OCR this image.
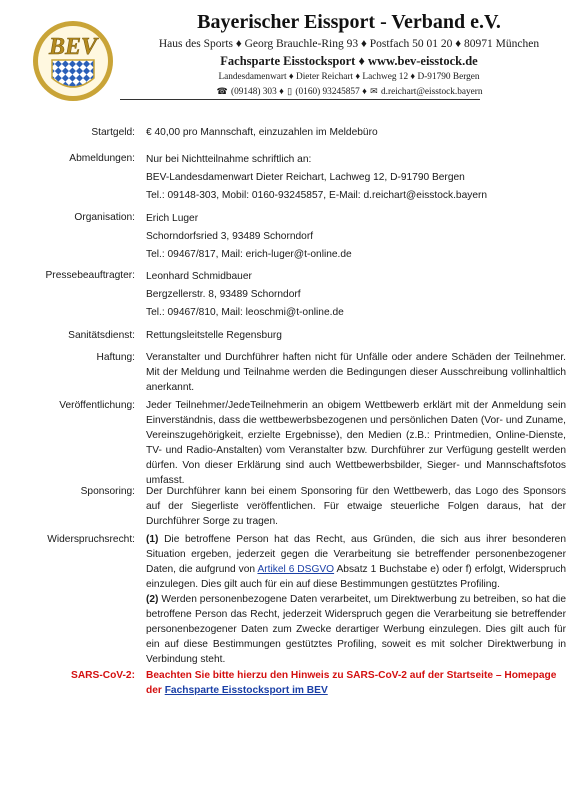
BEV
Bayerischer Eissport - Verband e.V.
Haus des Sports ♦ Georg Brauchle-Ring 93 ♦ Postfach 50 01 20 ♦ 80971 München
Fachsparte Eisstocksport ♦ www.bev-eisstock.de
Landesdamenwart ♦ Dieter Reichart ♦ Lachweg 12 ♦ D-91790 Bergen
☎ (09148) 303 ♦ ▯ (0160) 93245857 ♦ ✉ d.reichart@eisstock.bayern
Startgeld: € 40,00 pro Mannschaft, einzuzahlen im Meldebüro
Abmeldungen: Nur bei Nichtteilnahme schriftlich an:
BEV-Landesdamenwart Dieter Reichart, Lachweg 12, D-91790 Bergen
Tel.: 09148-303, Mobil: 0160-93245857, E-Mail: d.reichart@eisstock.bayern
Organisation: Erich Luger
Schorndorfsried 3, 93489 Schorndorf
Tel.: 09467/817, Mail: erich-luger@t-online.de
Pressebeauftragter: Leonhard Schmidbauer
Bergzellerstr. 8, 93489 Schorndorf
Tel.: 09467/810, Mail: leoschmi@t-online.de
Sanitätsdienst: Rettungsleitstelle Regensburg
Haftung: Veranstalter und Durchführer haften nicht für Unfälle oder andere Schäden der Teilnehmer. Mit der Meldung und Teilnahme werden die Bedingungen dieser Ausschreibung vollinhaltlich anerkannt.
Veröffentlichung: Jeder Teilnehmer/JedeTeilnehmerin an obigem Wettbewerb erklärt mit der Anmeldung sein Einverständnis, dass die wettbewerbsbezogenen und persönlichen Daten (Vor- und Zuname, Vereinszugehörigkeit, erzielte Ergebnisse), den Medien (z.B.: Printmedien, Online-Dienste, TV- und Radio-Anstalten) vom Veranstalter bzw. Durchführer zur Verfügung gestellt werden dürfen. Von dieser Erklärung sind auch Wettbewerbsbilder, Sieger- und Mannschaftsfotos umfasst.
Sponsoring: Der Durchführer kann bei einem Sponsoring für den Wettbewerb, das Logo des Sponsors auf der Siegerliste veröffentlichen. Für etwaige steuerliche Folgen daraus, hat der Durchführer Sorge zu tragen.
Widerspruchsrecht: (1) Die betroffene Person hat das Recht, aus Gründen, die sich aus ihrer besonderen Situation ergeben, jederzeit gegen die Verarbeitung sie betreffender personenbezogener Daten, die aufgrund von Artikel 6 DSGVO Absatz 1 Buchstabe e) oder f) erfolgt, Widerspruch einzulegen. Dies gilt auch für ein auf diese Bestimmungen gestütztes Profiling.

(2) Werden personenbezogene Daten verarbeitet, um Direktwerbung zu betreiben, so hat die betroffene Person das Recht, jederzeit Widerspruch gegen die Verarbeitung sie betreffender personenbezogener Daten zum Zwecke derartiger Werbung einzulegen. Dies gilt auch für ein auf diese Bestimmungen gestütztes Profiling, soweit es mit solcher Direktwerbung in Verbindung steht.

SARS-CoV-2: Beachten Sie bitte hierzu den Hinweis zu SARS-CoV-2 auf der Startseite – Homepage der Fachsparte Eisstocksport im BEV
